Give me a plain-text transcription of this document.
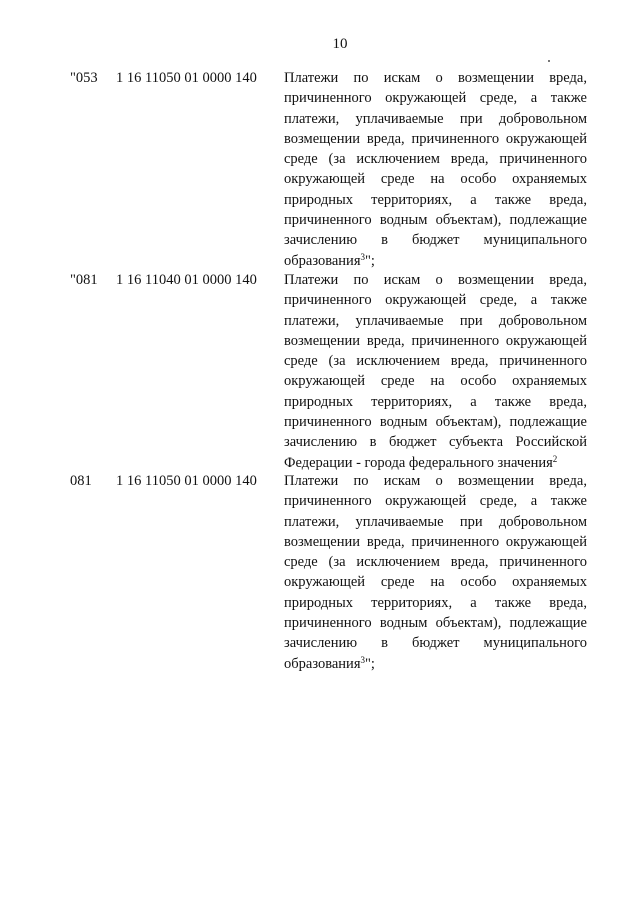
10
"053 1 16 11050 01 0000 140 Платежи по искам о возмещении вреда,
причиненного окружающей среде, а также
платежи, уплачиваемые при добровольном
возмещении вреда, причиненного окружающей
среде (за исключением вреда, причиненного
окружающей среде на особо охраняемых
природных территориях, а также вреда,
причиненного водным объектам), подлежащие
зачислению в бюджет муниципального
образования$^3$";
"081 1 16 11040 01 0000 140 Платежи по искам о возмещении вреда,
причиненного окружающей среде, а также
платежи, уплачиваемые при добровольном
возмещении вреда, причиненного окружающей
среде (за исключением вреда, причиненного
окружающей среде на особо охраняемых
природных территориях, а также вреда,
причиненного водным объектам), подлежащие
зачислению в бюджет субъекта Российской
Федерации - города федерального значения$^2$
081 1 16 11050 01 0000 140 Платежи по искам о возмещении вреда,
причиненного окружающей среде, а также
платежи, уплачиваемые при добровольном
возмещении вреда, причиненного окружающей
среде (за исключением вреда, причиненного
окружающей среде на особо охраняемых
природных территориях, а также вреда,
причиненного водным объектам), подлежащие
зачислению в бюджет муниципального
образования$^3$";
